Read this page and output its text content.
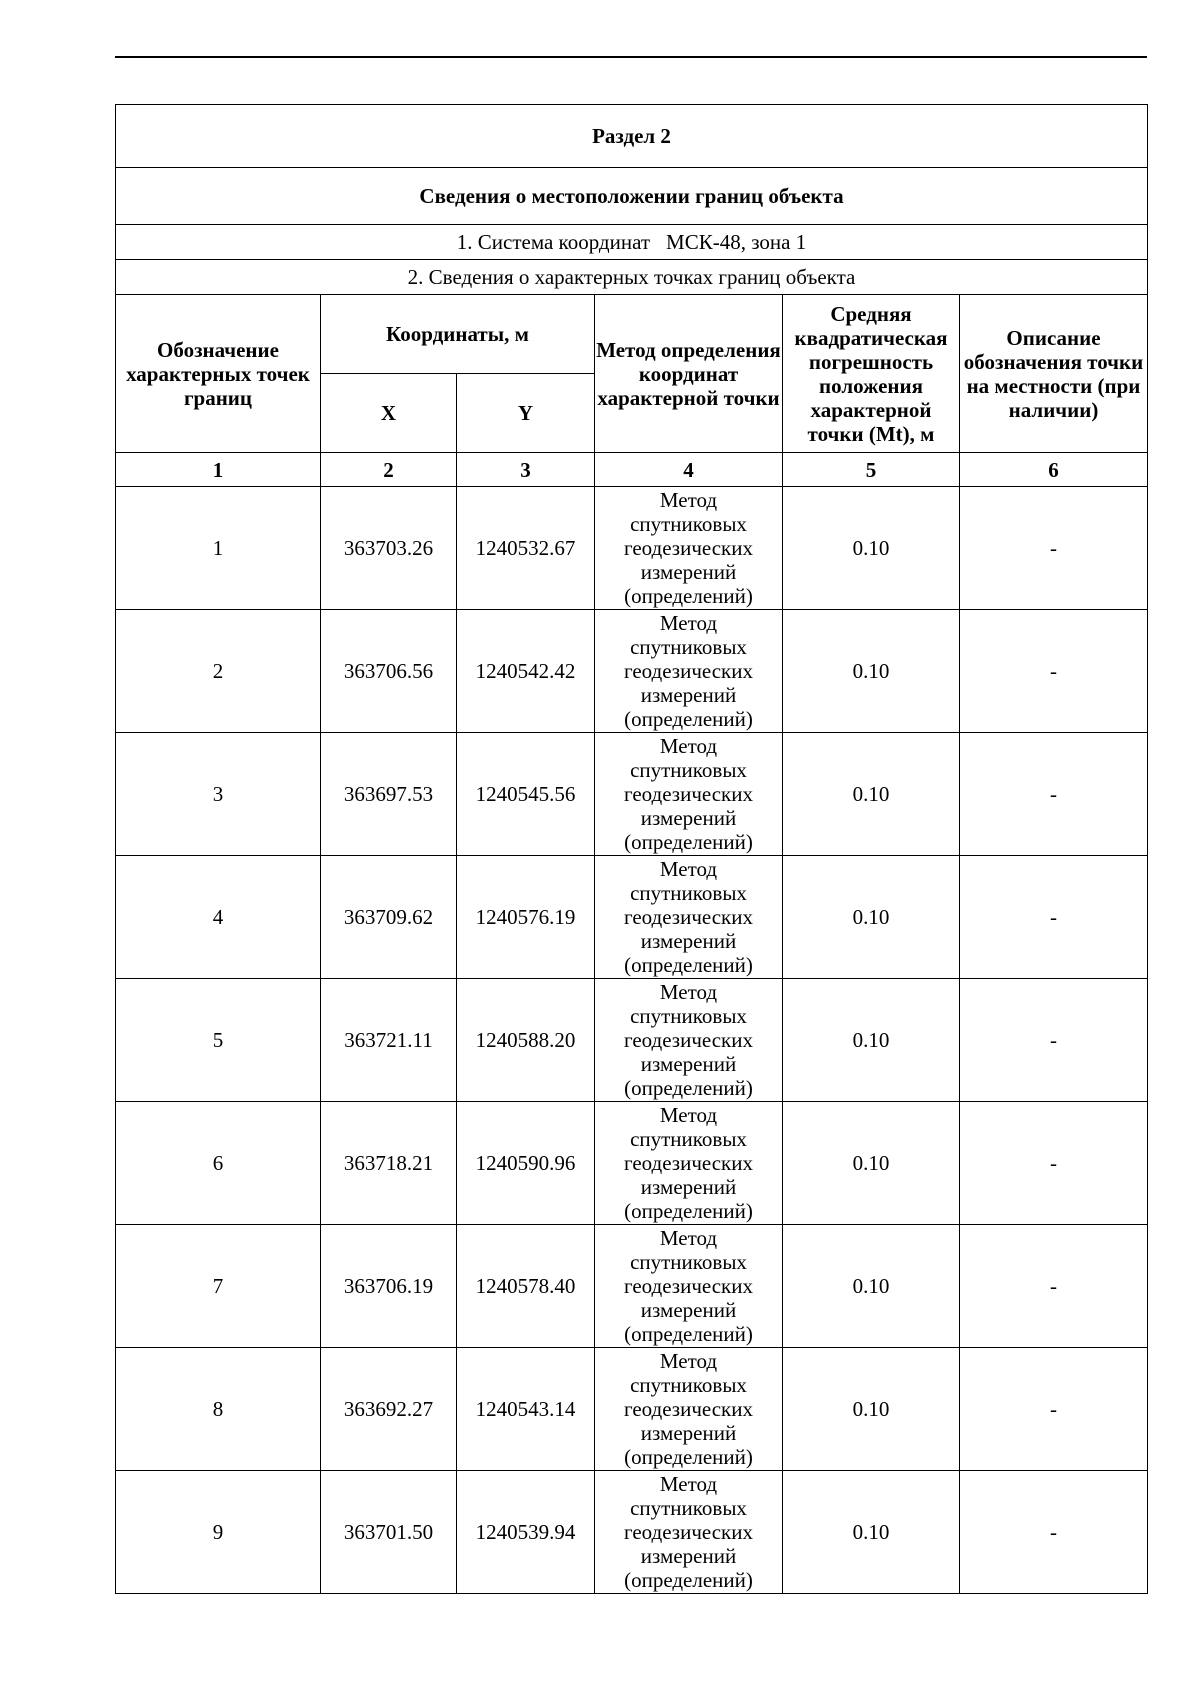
Раздел 2					
Сведения о местоположении границ объекта					
1. Система координат МСК-48, зона 1					
2. Сведения о характерных точках границ объекта					
Обозначение характерных точек границ	Координаты, м		Метод определения координат характерной точки	Средняя квадратическая погрешность положения характерной точки (Mt), м	Описание обозначения точки на местности (при наличии)
	X	Y			
1	2	3	4	5	6
1	363703.26	1240532.67	Метод
спутниковых
геодезических
измерений
(определений)	0.10	-
2	363706.56	1240542.42	Метод
спутниковых
геодезических
измерений
(определений)	0.10	-
3	363697.53	1240545.56	Метод
спутниковых
геодезических
измерений
(определений)	0.10	-
4	363709.62	1240576.19	Метод
спутниковых
геодезических
измерений
(определений)	0.10	-
5	363721.11	1240588.20	Метод
спутниковых
геодезических
измерений
(определений)	0.10	-
6	363718.21	1240590.96	Метод
спутниковых
геодезических
измерений
(определений)	0.10	-
7	363706.19	1240578.40	Метод
спутниковых
геодезических
измерений
(определений)	0.10	-
8	363692.27	1240543.14	Метод
спутниковых
геодезических
измерений
(определений)	0.10	-
9	363701.50	1240539.94	Метод
спутниковых
геодезических
измерений
(определений)	0.10	-
